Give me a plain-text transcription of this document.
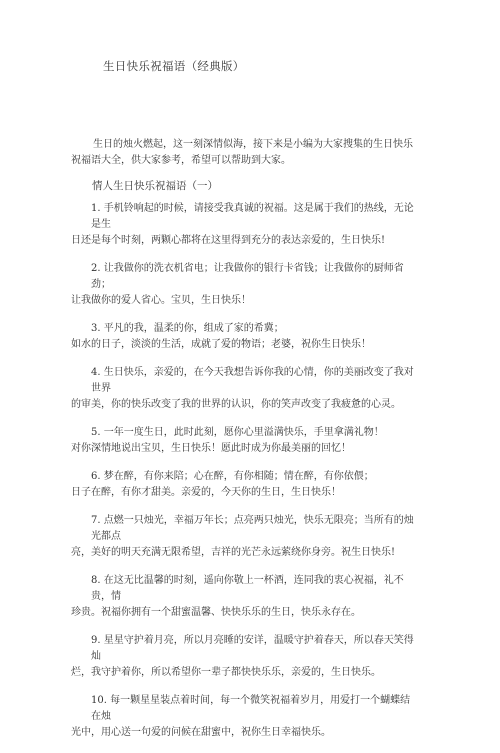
生日快乐祝福语（经典版）
生日的烛火燃起，这一刻深情似海，接下来是小编为大家搜集的生日快乐祝福语大全，供大家参考，希望可以帮助到大家。
情人生日快乐祝福语（一）
1. 手机铃响起的时候，请接受我真诚的祝福。这是属于我们的热线，无论是生
日还是每个时刻，两颗心都将在这里得到充分的表达亲爱的，生日快乐!
2. 让我做你的洗衣机省电；让我做你的银行卡省钱；让我做你的厨师省劲；
让我做你的爱人省心。宝贝，生日快乐！
3. 平凡的我，温柔的你，组成了家的希冀；
如水的日子，淡淡的生活，成就了爱的物语；老婆，祝你生日快乐！
4. 生日快乐，亲爱的，在今天我想告诉你我的心情，你的美丽改变了我对世界
的审美，你的快乐改变了我的世界的认识，你的笑声改变了我疲惫的心灵。
5. 一年一度生日，此时此刻，愿你心里溢满快乐，手里拿满礼物！
对你深情地说出宝贝，生日快乐！愿此时成为你最美丽的回忆！
6. 梦在醉，有你来陪；心在醉，有你相随；情在醉，有你依偎；
日子在醉，有你才甜美。亲爱的，今天你的生日，生日快乐！
7. 点燃一只烛光，幸福万年长；点亮两只烛光，快乐无限亮；当所有的烛光都点
亮，美好的明天充满无限希望，吉祥的光芒永远萦绕你身旁。祝生日快乐!
8. 在这无比温馨的时刻，遥向你敬上一杯酒，连同我的衷心祝福，礼不贵，情
珍贵。祝福你拥有一个甜蜜温馨、快快乐乐的生日，快乐永存在。
9. 星星守护着月亮，所以月亮睡的安详，温暖守护着春天，所以春天笑得灿
烂，我守护着你，所以希望你一辈子都快快乐乐，亲爱的，生日快乐。
10. 每一颗星星装点着时间，每一个微笑祝福着岁月，用爱打一个蝴蝶结在烛
光中，用心送一句爱的问候在甜蜜中，祝你生日幸福快乐。
